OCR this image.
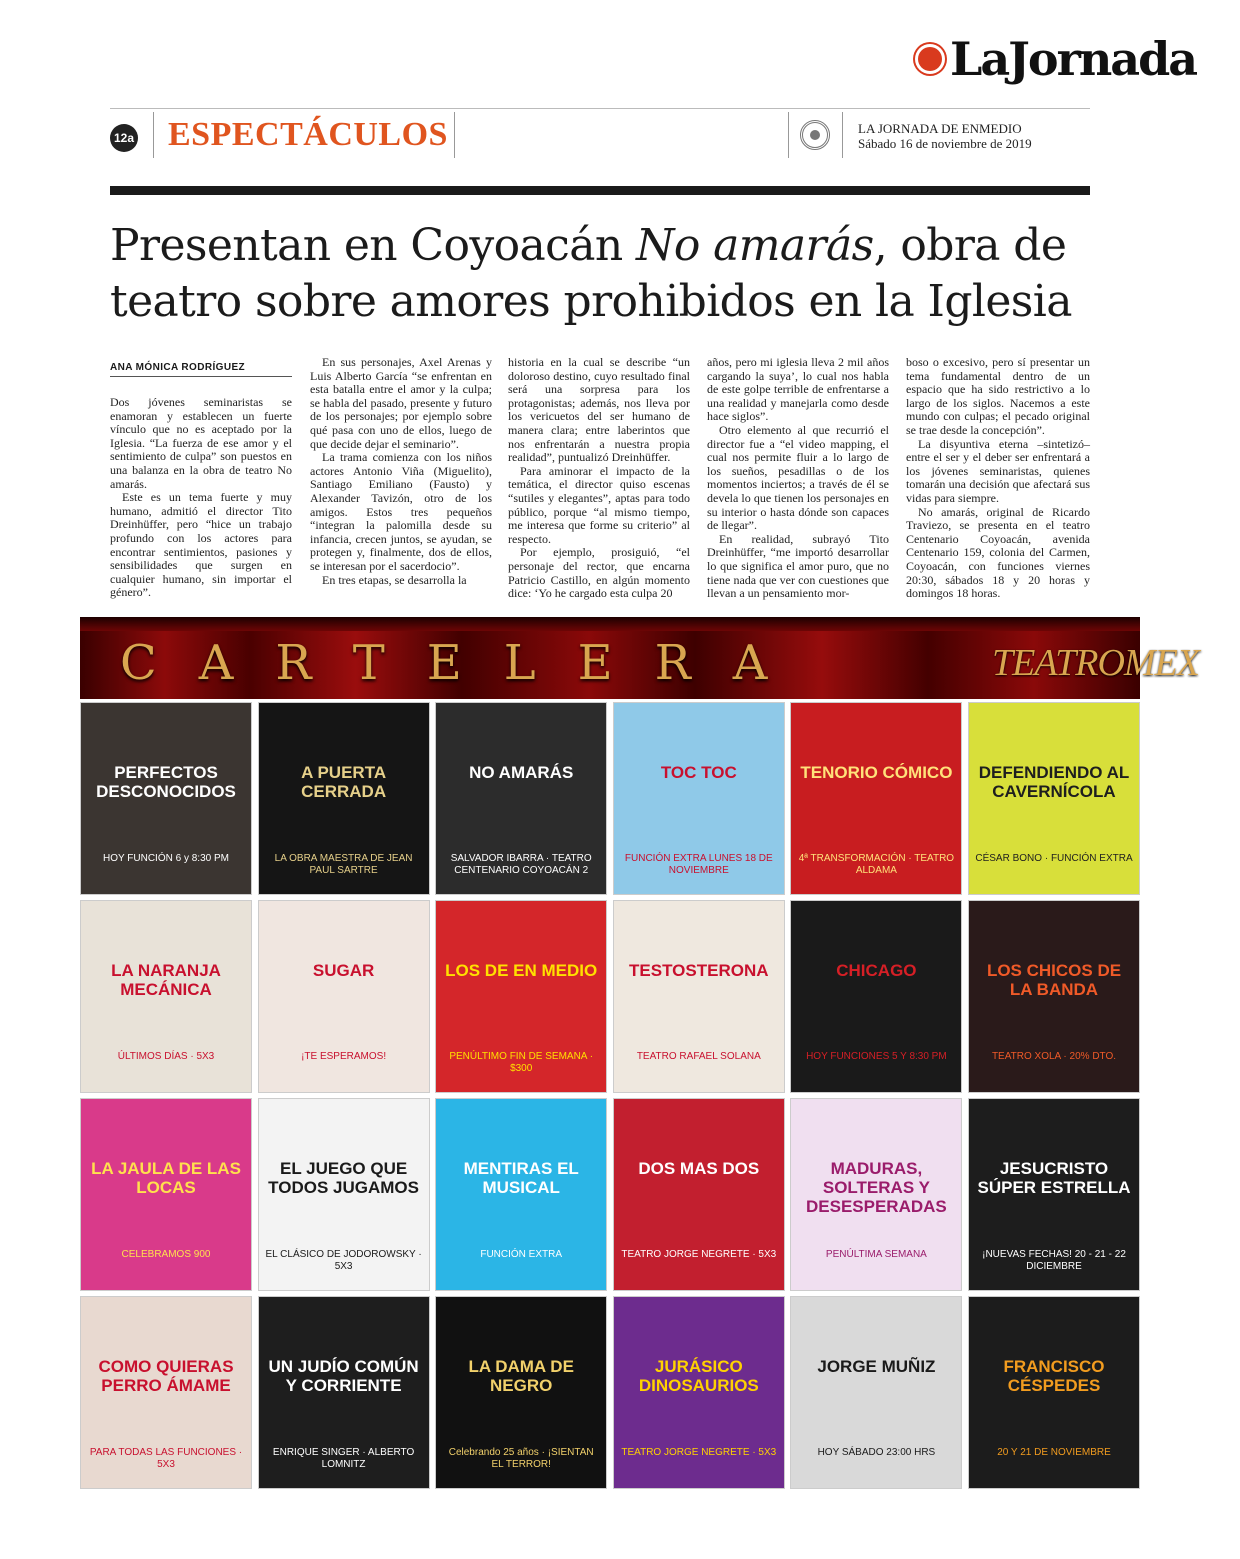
LaJornada
12a ESPECTÁCULOS	LA JORNADA DE ENMEDIO
Sábado 16 de noviembre de 2019
Presentan en Coyoacán No amarás, obra de teatro sobre amores prohibidos en la Iglesia
ANA MÓNICA RODRÍGUEZ

Dos jóvenes seminaristas se enamoran y establecen un fuerte vínculo que no es aceptado por la Iglesia. “La fuerza de ese amor y el sentimiento de culpa” son puestos en una balanza en la obra de teatro No amarás.

Este es un tema fuerte y muy humano, admitió el director Tito Dreinhüffer, pero “hice un trabajo profundo con los actores para encontrar sentimientos, pasiones y sensibilidades que surgen en cualquier humano, sin importar el género”.

En sus personajes, Axel Arenas y Luis Alberto García “se enfrentan en esta batalla entre el amor y la culpa; se habla del pasado, presente y futuro de los personajes; por ejemplo sobre qué pasa con uno de ellos, luego de que decide dejar el seminario”.

La trama comienza con los niños actores Antonio Viña (Miguelito), Santiago Emiliano (Fausto) y Alexander Tavizón, otro de los amigos. Estos tres pequeños “integran la palomilla desde su infancia, crecen juntos, se ayudan, se protegen y, finalmente, dos de ellos, se interesan por el sacerdocio”.

En tres etapas, se desarrolla la

historia en la cual se describe “un doloroso destino, cuyo resultado final será una sorpresa para los protagonistas; además, nos lleva por los vericuetos del ser humano de manera clara; entre laberintos que nos enfrentarán a nuestra propia realidad”, puntualizó Dreinhüffer.

Para aminorar el impacto de la temática, el director quiso escenas “sutiles y elegantes”, aptas para todo público, porque “al mismo tiempo, me interesa que forme su criterio” al respecto.

Por ejemplo, prosiguió, “el personaje del rector, que encarna Patricio Castillo, en algún momento dice: ‘Yo he cargado esta culpa 20

años, pero mi iglesia lleva 2 mil años cargando la suya’, lo cual nos habla de este golpe terrible de enfrentarse a una realidad y manejarla como desde hace siglos”.

Otro elemento al que recurrió el director fue a “el video mapping, el cual nos permite fluir a lo largo de los sueños, pesadillas o de los momentos inciertos; a través de él se devela lo que tienen los personajes en su interior o hasta dónde son capaces de llegar”.

En realidad, subrayó Tito Dreinhüffer, “me importó desarrollar lo que significa el amor puro, que no tiene nada que ver con cuestiones que llevan a un pensamiento mor-

boso o excesivo, pero sí presentar un tema fundamental dentro de un espacio que ha sido restrictivo a lo largo de los siglos. Nacemos a este mundo con culpas; el pecado original se trae desde la concepción”.

La disyuntiva eterna –sintetizó– entre el ser y el deber ser enfrentará a los jóvenes seminaristas, quienes tomarán una decisión que afectará sus vidas para siempre.

No amarás, original de Ricardo Traviezo, se presenta en el teatro Centenario Coyoacán, avenida Centenario 159, colonia del Carmen, Coyoacán, con funciones viernes 20:30, sábados 18 y 20 horas y domingos 18 horas.

CARTELERA	TEATROMEX
PERFECTOS DESCONOCIDOS
HOY FUNCIÓN 6 y 8:30 PM
A PUERTA CERRADA
LA OBRA MAESTRA DE JEAN PAUL SARTRE
NO AMARÁS
SALVADOR IBARRA · TEATRO CENTENARIO COYOACÁN 2
TOC TOC
FUNCIÓN EXTRA LUNES 18 DE NOVIEMBRE
TENORIO CÓMICO
4ª TRANSFORMACIÓN · TEATRO ALDAMA
DEFENDIENDO AL CAVERNÍCOLA
CÉSAR BONO · FUNCIÓN EXTRA
LA NARANJA MECÁNICA
ÚLTIMOS DÍAS · 5X3
SUGAR
¡TE ESPERAMOS!
LOS DE EN MEDIO
PENÚLTIMO FIN DE SEMANA · $300
TESTOSTERONA
TEATRO RAFAEL SOLANA
CHICAGO
HOY FUNCIONES 5 Y 8:30 PM
LOS CHICOS DE LA BANDA
TEATRO XOLA · 20% DTO.
LA JAULA DE LAS LOCAS
CELEBRAMOS 900
EL JUEGO QUE TODOS JUGAMOS
EL CLÁSICO DE JODOROWSKY · 5X3
MENTIRAS EL MUSICAL
FUNCIÓN EXTRA
DOS MAS DOS
TEATRO JORGE NEGRETE · 5X3
MADURAS, SOLTERAS Y DESESPERADAS
PENÚLTIMA SEMANA
JESUCRISTO SÚPER ESTRELLA
¡NUEVAS FECHAS! 20 - 21 - 22 DICIEMBRE
COMO QUIERAS PERRO ÁMAME
PARA TODAS LAS FUNCIONES · 5X3
UN JUDÍO COMÚN Y CORRIENTE
ENRIQUE SINGER · ALBERTO LOMNITZ
LA DAMA DE NEGRO
Celebrando 25 años · ¡SIENTAN EL TERROR!
JURÁSICO DINOSAURIOS
TEATRO JORGE NEGRETE · 5X3
JORGE MUÑIZ
HOY SÁBADO 23:00 HRS
FRANCISCO CÉSPEDES
20 Y 21 DE NOVIEMBRE
